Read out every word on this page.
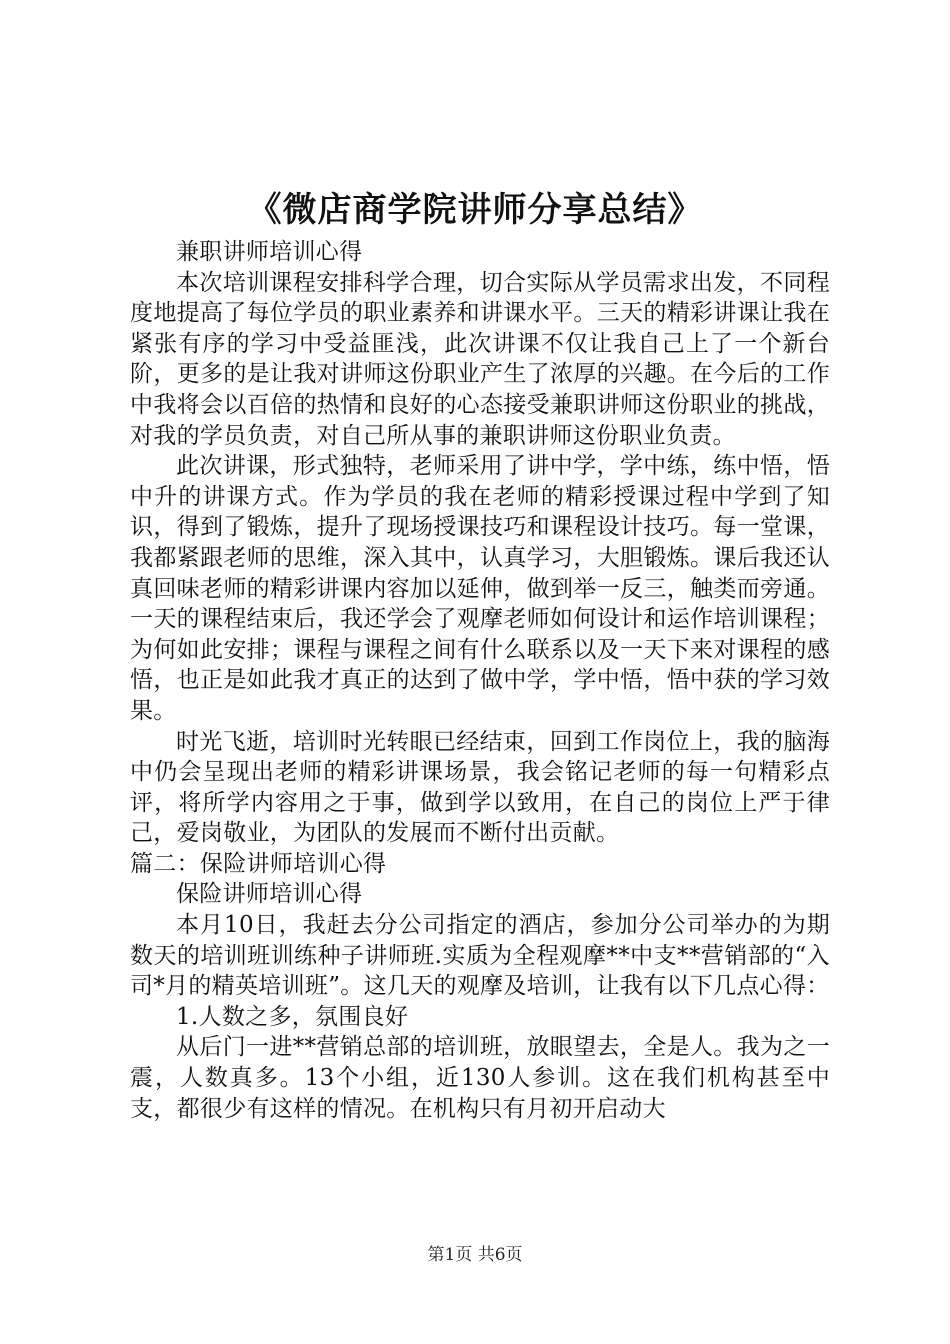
《微店商学院讲师分享总结》

兼职讲师培训心得

本次培训课程安排科学合理，切合实际从学员需求出发，不同程度地提高了每位学员的职业素养和讲课水平。三天的精彩讲课让我在紧张有序的学习中受益匪浅，此次讲课不仅让我自己上了一个新台阶，更多的是让我对讲师这份职业产生了浓厚的兴趣。在今后的工作中我将会以百倍的热情和良好的心态接受兼职讲师这份职业的挑战，对我的学员负责，对自己所从事的兼职讲师这份职业负责。

此次讲课，形式独特，老师采用了讲中学，学中练，练中悟，悟中升的讲课方式。作为学员的我在老师的精彩授课过程中学到了知识，得到了锻炼，提升了现场授课技巧和课程设计技巧。每一堂课，我都紧跟老师的思维，深入其中，认真学习，大胆锻炼。课后我还认真回味老师的精彩讲课内容加以延伸，做到举一反三，触类而旁通。一天的课程结束后，我还学会了观摩老师如何设计和运作培训课程；为何如此安排；课程与课程之间有什么联系以及一天下来对课程的感悟，也正是如此我才真正的达到了做中学，学中悟，悟中获的学习效果。

时光飞逝，培训时光转眼已经结束，回到工作岗位上，我的脑海中仍会呈现出老师的精彩讲课场景，我会铭记老师的每一句精彩点评，将所学内容用之于事，做到学以致用，在自己的岗位上严于律己，爱岗敬业，为团队的发展而不断付出贡献。

篇二：保险讲师培训心得

保险讲师培训心得

本月10日，我赶去分公司指定的酒店，参加分公司举办的为期数天的培训班训练种子讲师班.实质为全程观摩**中支**营销部的“入司*月的精英培训班”。这几天的观摩及培训，让我有以下几点心得：

1.人数之多，氛围良好

从后门一进**营销总部的培训班，放眼望去，全是人。我为之一震，人数真多。13个小组，近130人参训。这在我们机构甚至中支，都很少有这样的情况。在机构只有月初开启动大

第1页 共6页
